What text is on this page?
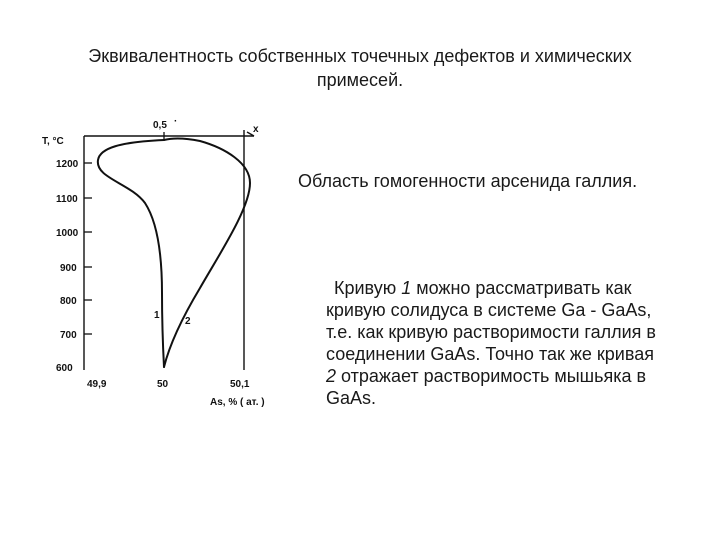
Эквивалентность собственных точечных дефектов и химических
примесей.
0,5	x
·
T, °C
1200
1100
1000
900
800
700
600
49,9	50	50,1
As, % ( ат. )
1
2
Область гомогенности арсенида галлия.
Кривую 1 можно рассматривать как
кривую солидуса в системе Ga - GaAs,
т.е. как кривую растворимости галлия в
соединении GaAs. Точно так же кривая
2 отражает растворимость мышьяка в
GaAs.
